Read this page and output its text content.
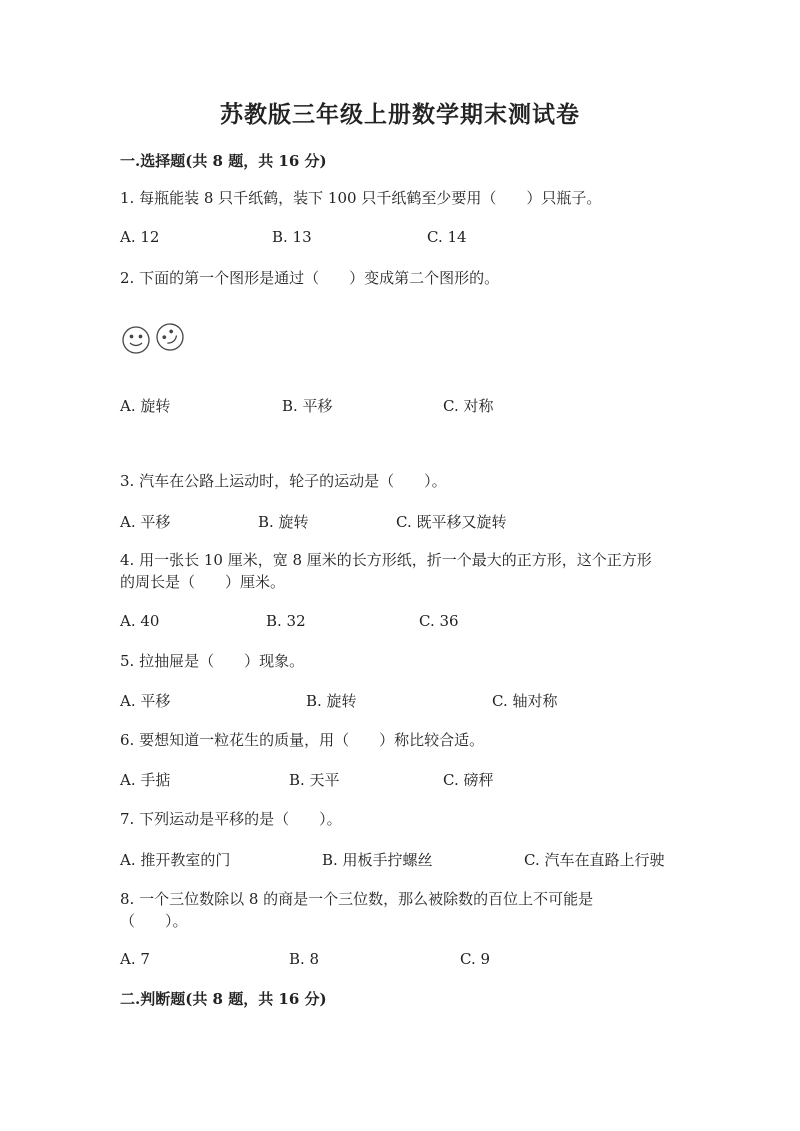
苏教版三年级上册数学期末测试卷
一.选择题(共 8 题，共 16 分)
1. 每瓶能装 8 只千纸鹤，装下 100 只千纸鹤至少要用（　　）只瓶子。
A. 12	B. 13	C. 14
2. 下面的第一个图形是通过（　　）变成第二个图形的。
A. 旋转	B. 平移	C. 对称
3. 汽车在公路上运动时，轮子的运动是（　　）。
A. 平移	B. 旋转	C. 既平移又旋转
4. 用一张长 10 厘米，宽 8 厘米的长方形纸，折一个最大的正方形，这个正方形
的周长是（　　）厘米。
A. 40	B. 32	C. 36
5. 拉抽屉是（　　）现象。
A. 平移	B. 旋转	C. 轴对称
6. 要想知道一粒花生的质量，用（　　）称比较合适。
A. 手掂	B. 天平	C. 磅秤
7. 下列运动是平移的是（　　）。
A. 推开教室的门	B. 用板手拧螺丝	C. 汽车在直路上行驶
8. 一个三位数除以 8 的商是一个三位数，那么被除数的百位上不可能是
（　　）。
A. 7	B. 8	C. 9
二.判断题(共 8 题，共 16 分)
